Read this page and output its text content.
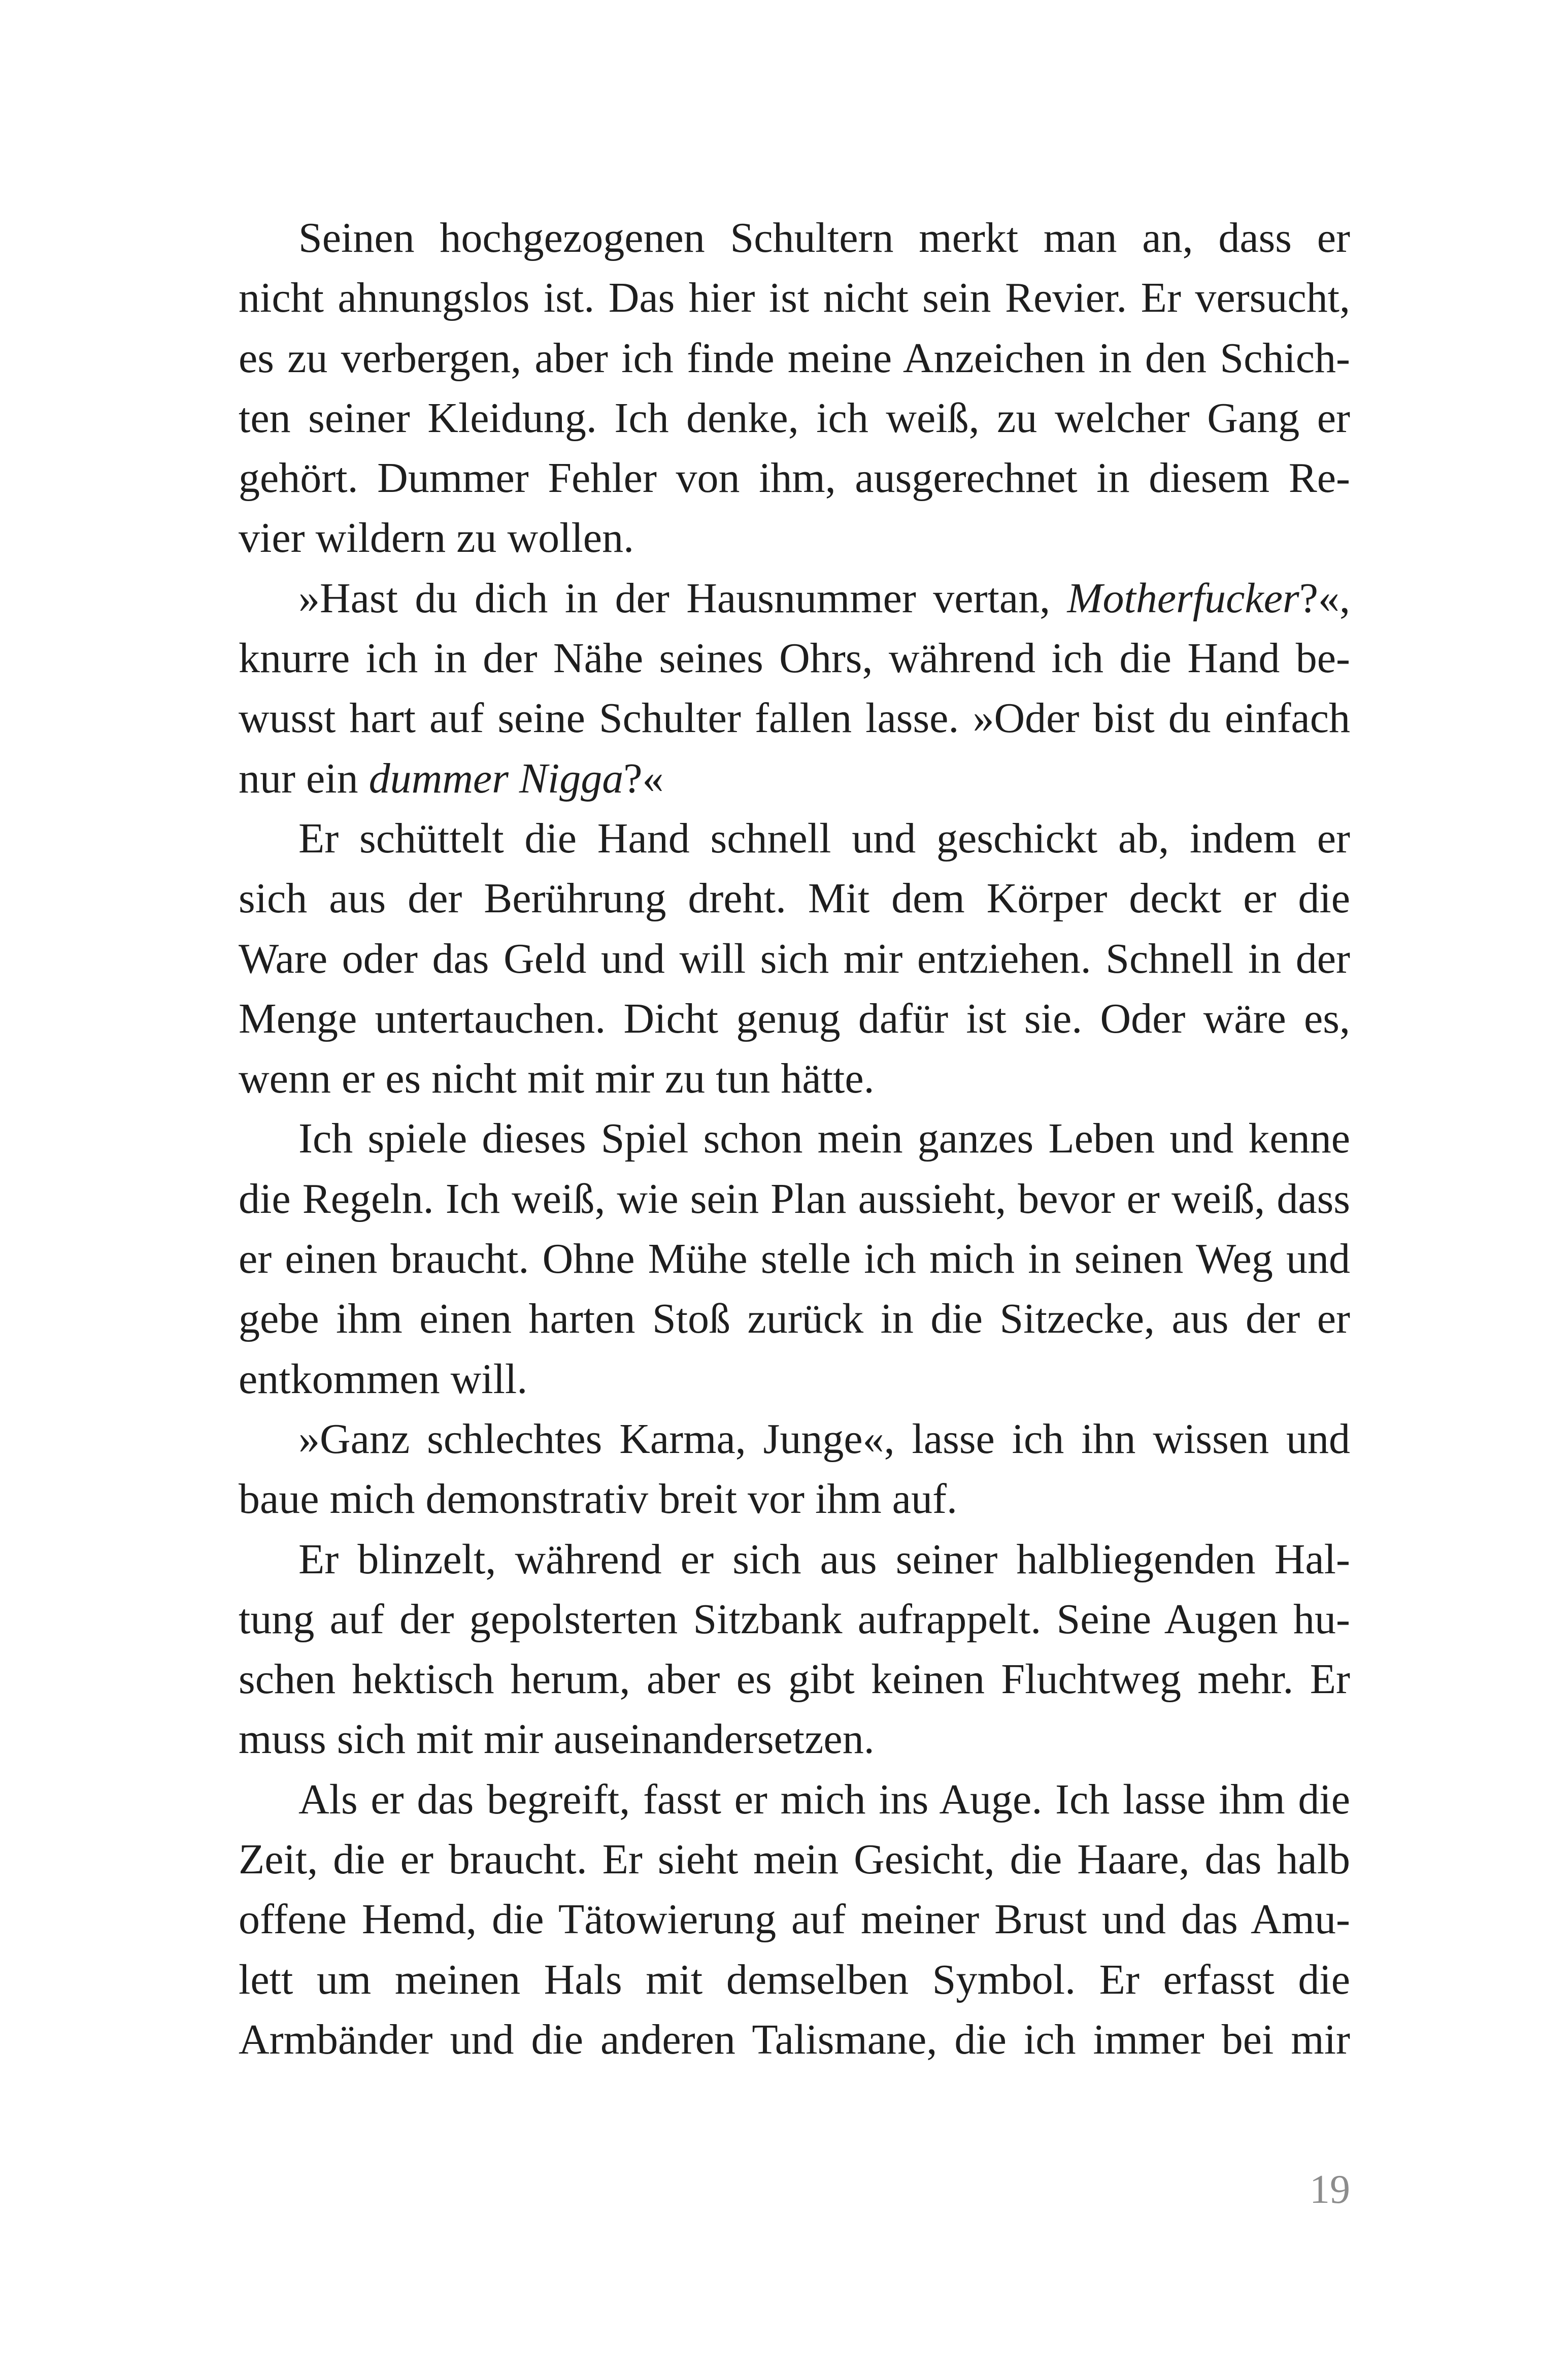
Seinen hochgezogenen Schultern merkt man an, dass er
nicht ahnungslos ist. Das hier ist nicht sein Revier. Er versucht,
es zu verbergen, aber ich finde meine Anzeichen in den Schich-
ten seiner Kleidung. Ich denke, ich weiß, zu welcher Gang er
gehört. Dummer Fehler von ihm, ausgerechnet in diesem Re-
vier wildern zu wollen.
»Hast du dich in der Hausnummer vertan, Motherfucker?«,
knurre ich in der Nähe seines Ohrs, während ich die Hand be-
wusst hart auf seine Schulter fallen lasse. »Oder bist du einfach
nur ein dummer Nigga?«
Er schüttelt die Hand schnell und geschickt ab, indem er
sich aus der Berührung dreht. Mit dem Körper deckt er die
Ware oder das Geld und will sich mir entziehen. Schnell in der
Menge untertauchen. Dicht genug dafür ist sie. Oder wäre es,
wenn er es nicht mit mir zu tun hätte.
Ich spiele dieses Spiel schon mein ganzes Leben und kenne
die Regeln. Ich weiß, wie sein Plan aussieht, bevor er weiß, dass
er einen braucht. Ohne Mühe stelle ich mich in seinen Weg und
gebe ihm einen harten Stoß zurück in die Sitzecke, aus der er
entkommen will.
»Ganz schlechtes Karma, Junge«, lasse ich ihn wissen und
baue mich demonstrativ breit vor ihm auf.
Er blinzelt, während er sich aus seiner halbliegenden Hal-
tung auf der gepolsterten Sitzbank aufrappelt. Seine Augen hu-
schen hektisch herum, aber es gibt keinen Fluchtweg mehr. Er
muss sich mit mir auseinandersetzen.
Als er das begreift, fasst er mich ins Auge. Ich lasse ihm die
Zeit, die er braucht. Er sieht mein Gesicht, die Haare, das halb
offene Hemd, die Tätowierung auf meiner Brust und das Amu-
lett um meinen Hals mit demselben Symbol. Er erfasst die
Armbänder und die anderen Talismane, die ich immer bei mir
19
